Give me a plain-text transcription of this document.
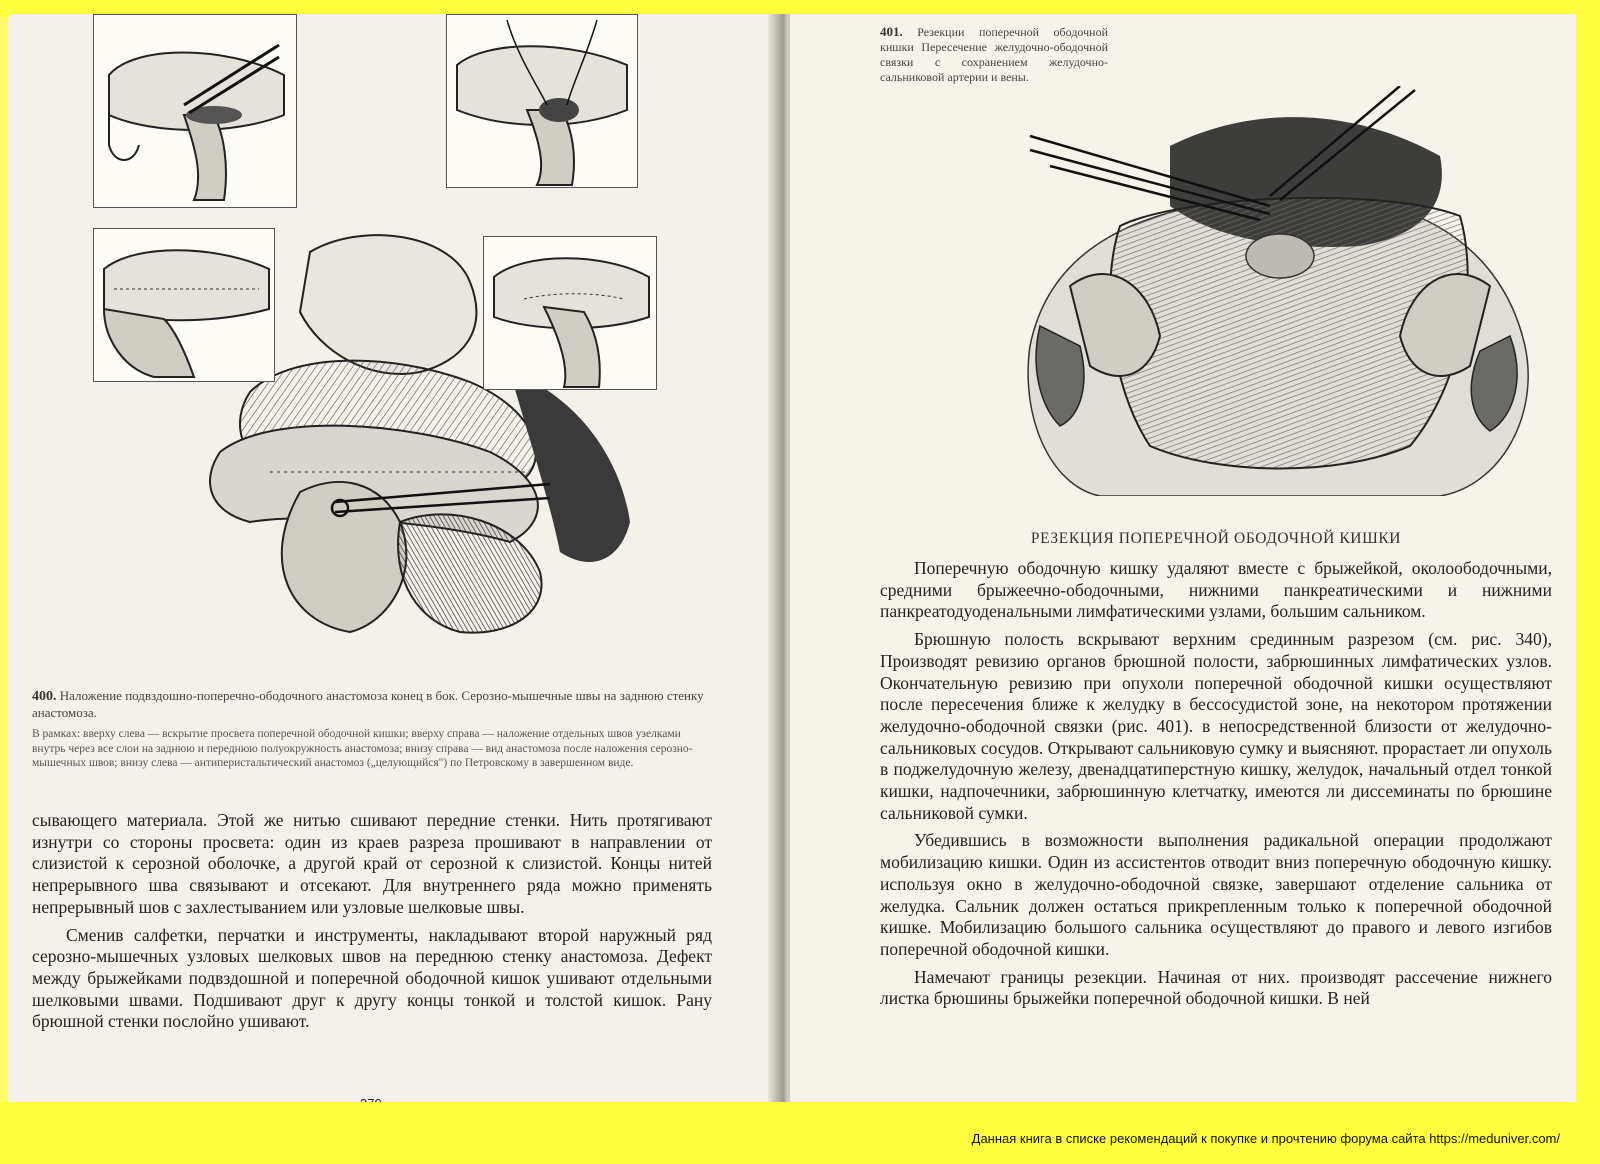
400. Наложение подвздошно-поперечно-ободочного анастомоза конец в бок. Серозно-мышечные швы на заднюю стенку анастомоза.
В рамках: вверху слева — вскрытие просвета поперечной ободочной кишки; вверху справа — наложение отдельных швов узелками внутрь через все слои на заднюю и переднюю полуокружность анастомоза; внизу справа — вид анастомоза после наложения серозно-мышечных швов; внизу слева — антиперистальтический анастомоз („целующийся") по Петровскому в завершенном виде.

сывающего материала. Этой же нитью сшивают передние стенки. Нить протягивают изнутри со стороны просвета: один из краев разреза прошивают в направлении от слизистой к серозной оболочке, а другой край от серозной к слизистой. Концы нитей непрерывного шва связывают и отсекают. Для внутреннего ряда можно применять непрерывный шов с захлестыванием или узловые шелковые швы.

Сменив салфетки, перчатки и инструменты, накладывают второй наружный ряд серозно-мышечных узловых шелковых швов на переднюю стенку анастомоза. Дефект между брыжейками подвздошной и поперечной ободочной кишок ушивают отдельными шелковыми швами. Подшивают друг к другу концы тонкой и толстой кишок. Рану брюшной стенки послойно ушивают.

401. Резекции поперечной ободочной кишки Пересечение желудочно-ободочной связки с сохранением желудочно-сальниковой артерии и вены.
РЕЗЕКЦИЯ ПОПЕРЕЧНОЙ ОБОДОЧНОЙ КИШКИ

Поперечную ободочную кишку удаляют вместе с брыжейкой, околоободочными, средними брыжеечно-ободочными, нижними панкреатическими и нижними панкреатодуоденальными лимфатическими узлами, большим сальником.

Брюшную полость вскрывают верхним срединным разрезом (см. рис. 340), Производят ревизию органов брюшной полости, забрюшинных лимфатических узлов. Окончательную ревизию при опухоли поперечной ободочной кишки осуществляют после пересечения ближе к желудку в бессосудистой зоне, на некотором протяжении желудочно-ободочной связки (рис. 401). в непосредственной близости от желудочно-сальниковых сосудов. Открывают сальниковую сумку и выясняют. прорастает ли опухоль в поджелудочную железу, двенадцатиперстную кишку, желудок, начальный отдел тонкой кишки, надпочечники, забрюшинную клетчатку, имеются ли диссеминаты по брюшине сальниковой сумки.

Убедившись в возможности выполнения радикальной операции продолжают мобилизацию кишки. Один из ассистентов отводит вниз поперечную ободочную кишку. используя окно в желудочно-ободочной связке, завершают отделение сальника от желудка. Сальник должен остаться прикрепленным только к поперечной ободочной кишке. Мобилизацию большого сальника осуществляют до правого и левого изгибов поперечной ободочной кишки.

Намечают границы резекции. Начиная от них. производят рассечение нижнего листка брюшины брыжейки поперечной ободочной кишки. В ней

Данная книга в списке рекомендаций к покупке и прочтению форума сайта https://meduniver.com/
